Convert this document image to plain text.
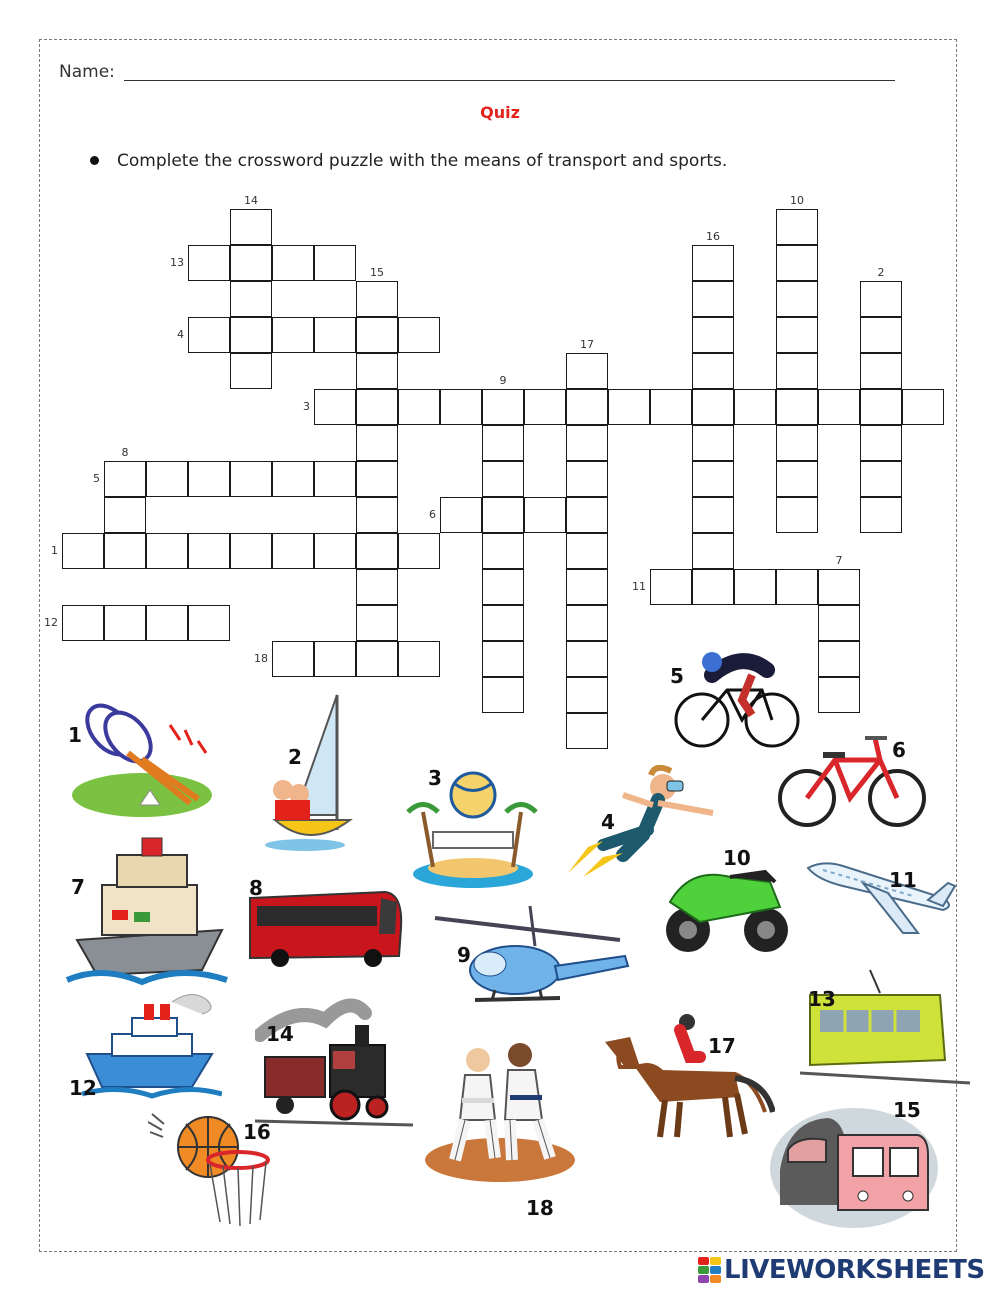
Name:
Quiz
Complete the crossword puzzle with the means of transport and sports.
1
2
3
4
5
6
7
8
9
10
11
12
13
14
15
16
17
18
1
2
3
4
5
6
7	8
9
10
11
12
13
14
15
16
17
18
LIVEWORKSHEETS
